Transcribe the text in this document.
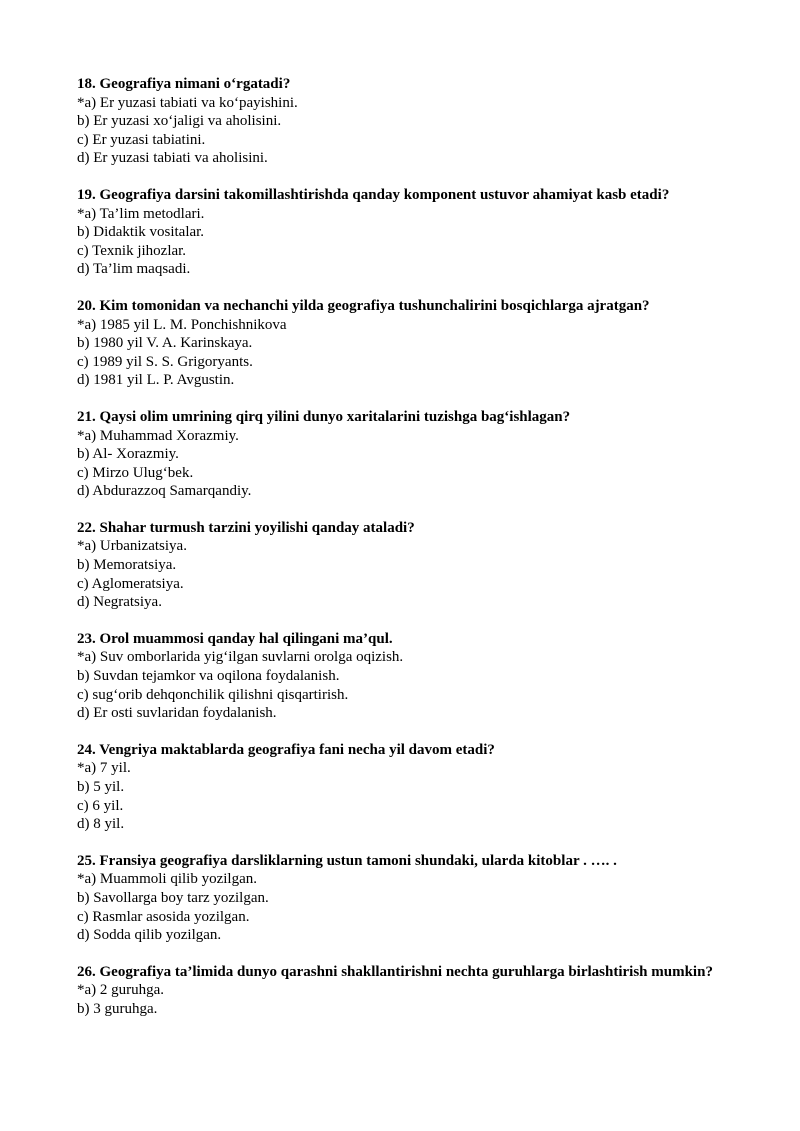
18. Geografiya nimani oʻrgatadi?

*a) Er yuzasi tabiati va koʻpayishini.

b) Er yuzasi xoʻjaligi va aholisini.

c) Er yuzasi tabiatini.

d) Er yuzasi tabiati va aholisini.

19. Geografiya darsini takomillashtirishda qanday komponent ustuvor ahamiyat kasb etadi?

*a) Ta’lim metodlari.

b) Didaktik vositalar.

c) Texnik jihozlar.

d) Ta’lim maqsadi.

20. Kim tomonidan va nechanchi yilda geografiya tushunchalirini bosqichlarga ajratgan?

*a) 1985 yil L. M. Ponchishnikova

b) 1980 yil V. A. Karinskaya.

c) 1989 yil S. S. Grigoryants.

d) 1981 yil L. P. Avgustin.

21. Qaysi olim umrining qirq yilini dunyo xaritalarini tuzishga bagʻishlagan?

*a) Muhammad Xorazmiy.

b) Al- Xorazmiy.

c) Mirzo Ulugʻbek.

d) Abdurazzoq Samarqandiy.

22. Shahar turmush tarzini yoyilishi qanday ataladi?

*a) Urbanizatsiya.

b) Memoratsiya.

c) Aglomeratsiya.

d) Negratsiya.

23. Orol muammosi qanday hal qilingani ma’qul.

*a) Suv omborlarida yigʻilgan suvlarni orolga oqizish.

b) Suvdan tejamkor va oqilona foydalanish.

c) sugʻorib dehqonchilik qilishni qisqartirish.

d) Er osti suvlaridan foydalanish.

24. Vengriya maktablarda geografiya fani necha yil davom etadi?

*a) 7 yil.

b) 5 yil.

c) 6 yil.

d) 8 yil.

25. Fransiya geografiya darsliklarning ustun tamoni shundaki, ularda kitoblar . …. .

*a) Muammoli qilib yozilgan.

b) Savollarga boy tarz yozilgan.

c) Rasmlar asosida yozilgan.

d) Sodda qilib yozilgan.

26. Geografiya ta’limida dunyo qarashni shakllantirishni nechta guruhlarga birlashtirish mumkin?

*a) 2 guruhga.

b) 3 guruhga.
